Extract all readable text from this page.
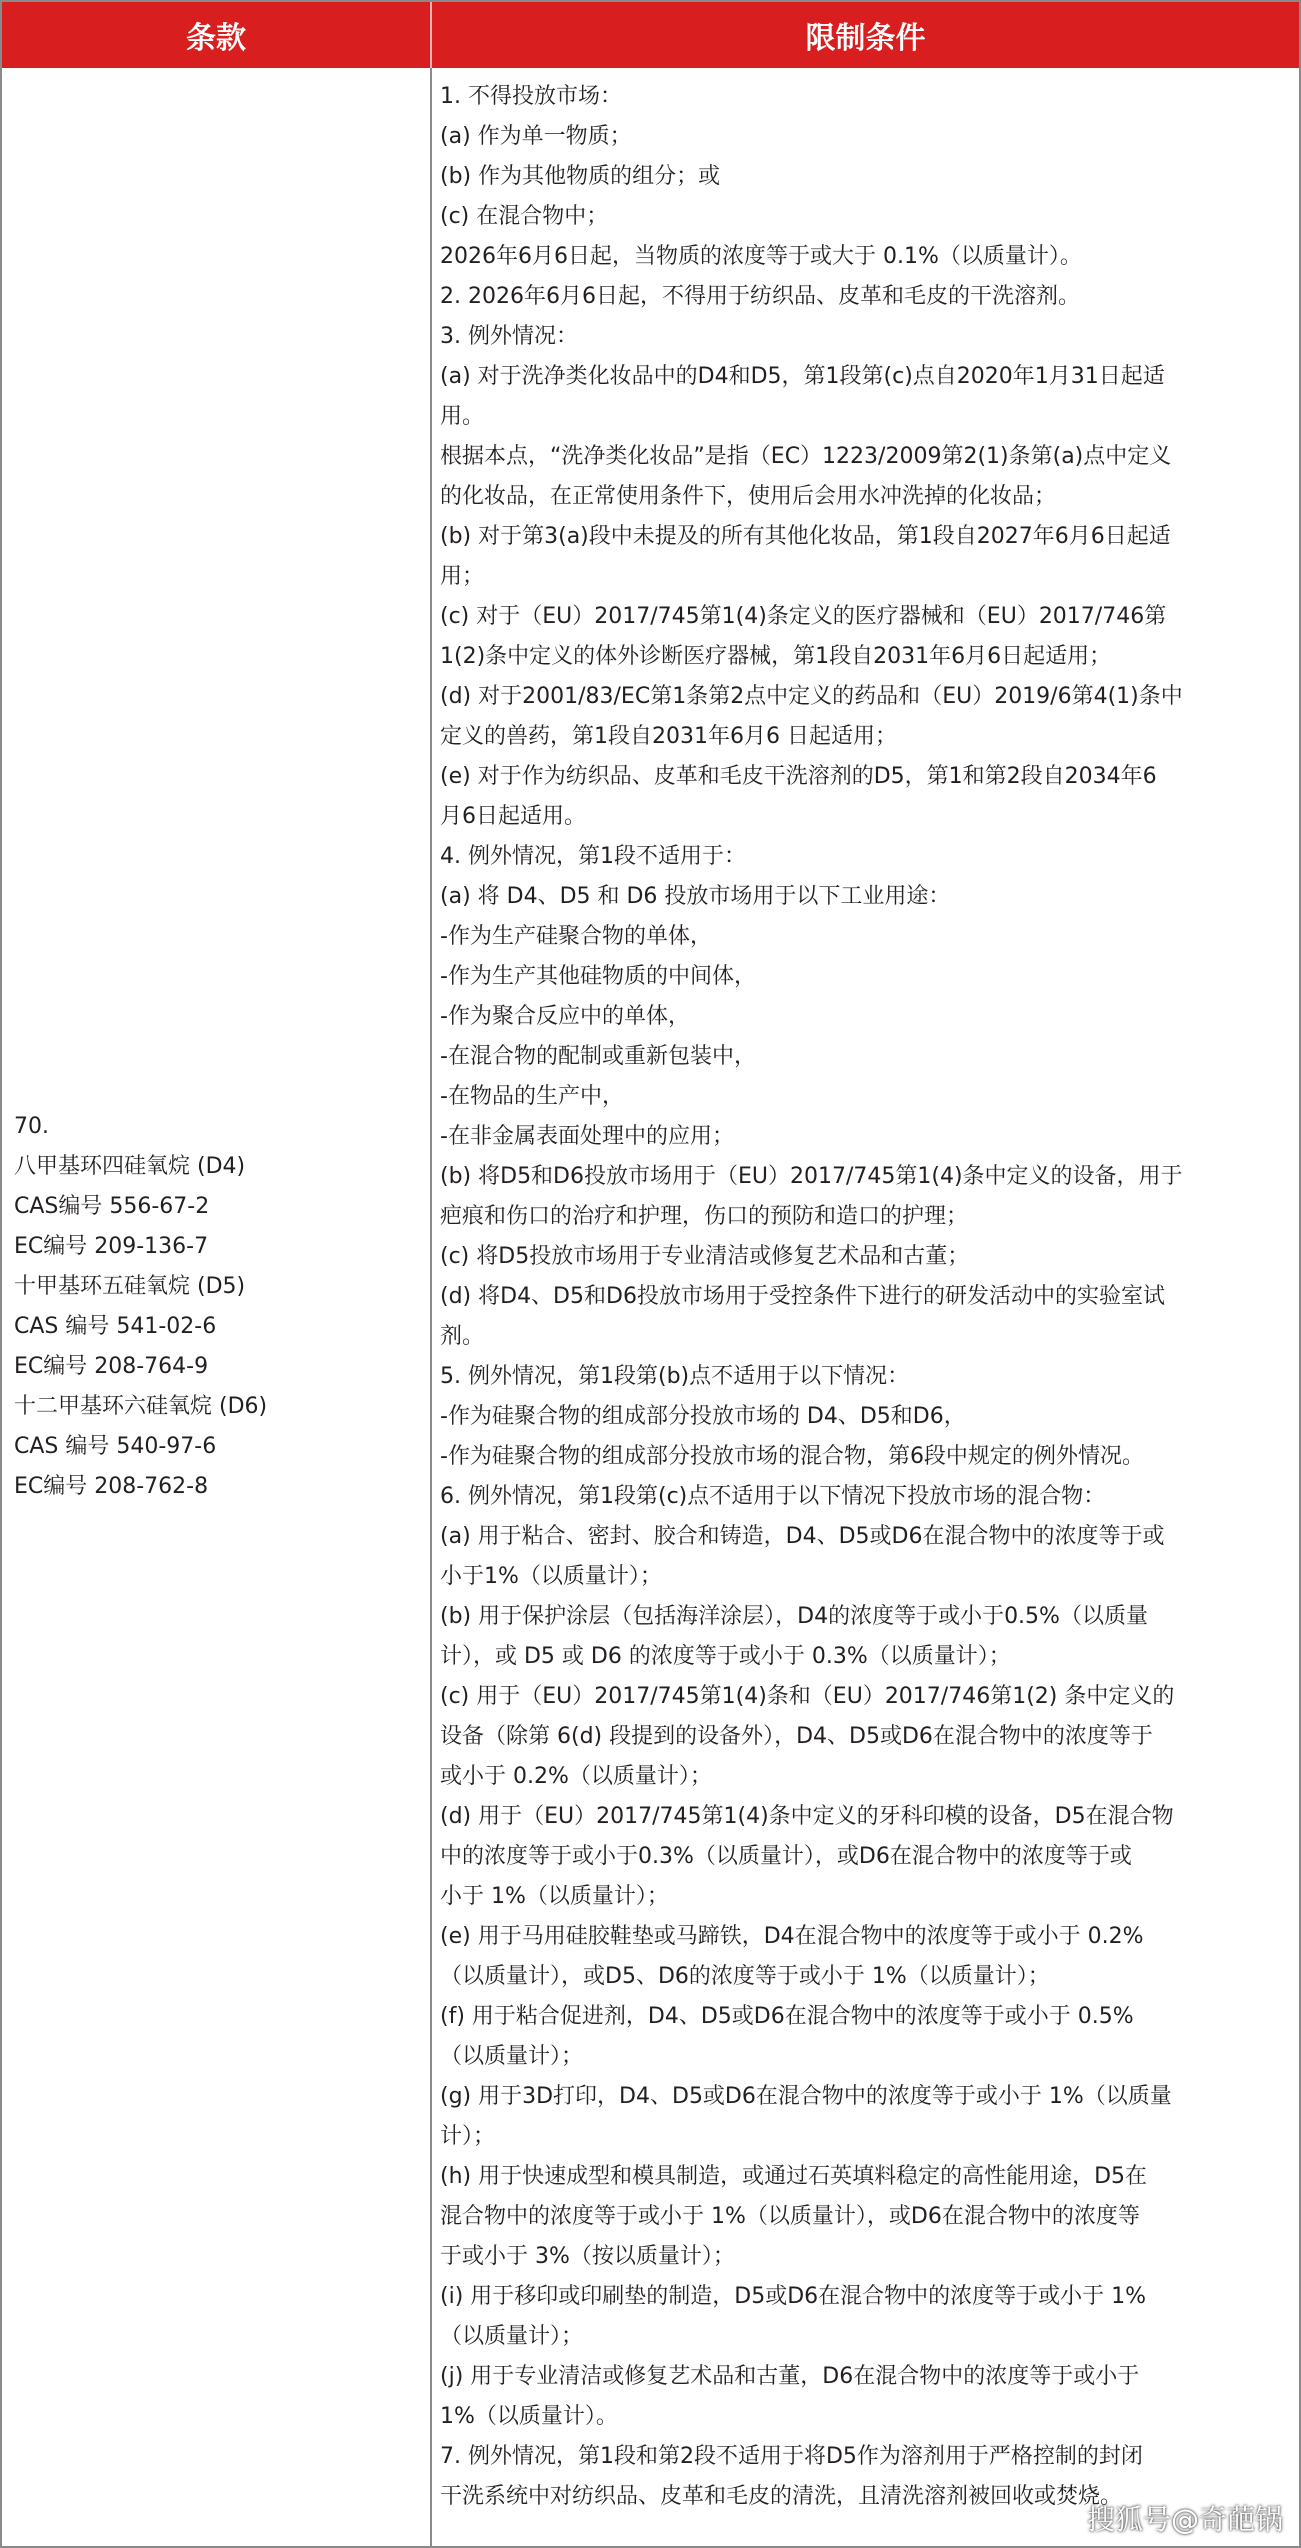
条款	限制条件
70.
八甲基环四硅氧烷 (D4)
CAS编号 556-67-2
EC编号 209-136-7
十甲基环五硅氧烷 (D5)
CAS 编号 541-02-6
EC编号 208-764-9
十二甲基环六硅氧烷 (D6)
CAS 编号 540-97-6
EC编号 208-762-8
1. 不得投放市场：
(a) 作为单一物质；
(b) 作为其他物质的组分；或
(c) 在混合物中；
2026年6月6日起，当物质的浓度等于或大于 0.1%（以质量计）。
2. 2026年6月6日起，不得用于纺织品、皮革和毛皮的干洗溶剂。
3. 例外情况：
(a) 对于洗净类化妆品中的D4和D5，第1段第(c)点自2020年1月31日起适
用。
根据本点，“洗净类化妆品”是指（EC）1223/2009第2(1)条第(a)点中定义
的化妆品，在正常使用条件下，使用后会用水冲洗掉的化妆品；
(b) 对于第3(a)段中未提及的所有其他化妆品，第1段自2027年6月6日起适
用；
(c) 对于（EU）2017/745第1(4)条定义的医疗器械和（EU）2017/746第
1(2)条中定义的体外诊断医疗器械，第1段自2031年6月6日起适用；
(d) 对于2001/83/EC第1条第2点中定义的药品和（EU）2019/6第4(1)条中
定义的兽药，第1段自2031年6月6 日起适用；
(e) 对于作为纺织品、皮革和毛皮干洗溶剂的D5，第1和第2段自2034年6
月6日起适用。
4. 例外情况，第1段不适用于：
(a) 将 D4、D5 和 D6 投放市场用于以下工业用途：
-作为生产硅聚合物的单体，
-作为生产其他硅物质的中间体，
-作为聚合反应中的单体，
-在混合物的配制或重新包装中，
-在物品的生产中，
-在非金属表面处理中的应用；
(b) 将D5和D6投放市场用于（EU）2017/745第1(4)条中定义的设备，用于
疤痕和伤口的治疗和护理，伤口的预防和造口的护理；
(c) 将D5投放市场用于专业清洁或修复艺术品和古董；
(d) 将D4、D5和D6投放市场用于受控条件下进行的研发活动中的实验室试
剂。
5. 例外情况，第1段第(b)点不适用于以下情况：
-作为硅聚合物的组成部分投放市场的 D4、D5和D6，
-作为硅聚合物的组成部分投放市场的混合物，第6段中规定的例外情况。
6. 例外情况，第1段第(c)点不适用于以下情况下投放市场的混合物：
(a) 用于粘合、密封、胶合和铸造，D4、D5或D6在混合物中的浓度等于或
小于1%（以质量计）；
(b) 用于保护涂层（包括海洋涂层），D4的浓度等于或小于0.5%（以质量
计），或 D5 或 D6 的浓度等于或小于 0.3%（以质量计）；
(c) 用于（EU）2017/745第1(4)条和（EU）2017/746第1(2) 条中定义的
设备（除第 6(d) 段提到的设备外），D4、D5或D6在混合物中的浓度等于
或小于 0.2%（以质量计）；
(d) 用于（EU）2017/745第1(4)条中定义的牙科印模的设备，D5在混合物
中的浓度等于或小于0.3%（以质量计），或D6在混合物中的浓度等于或
小于 1%（以质量计）；
(e) 用于马用硅胶鞋垫或马蹄铁，D4在混合物中的浓度等于或小于 0.2%
（以质量计），或D5、D6的浓度等于或小于 1%（以质量计）；
(f) 用于粘合促进剂，D4、D5或D6在混合物中的浓度等于或小于 0.5%
（以质量计）；
(g) 用于3D打印，D4、D5或D6在混合物中的浓度等于或小于 1%（以质量
计）；
(h) 用于快速成型和模具制造，或通过石英填料稳定的高性能用途，D5在
混合物中的浓度等于或小于 1%（以质量计），或D6在混合物中的浓度等
于或小于 3%（按以质量计）；
(i) 用于移印或印刷垫的制造，D5或D6在混合物中的浓度等于或小于 1%
（以质量计）；
(j) 用于专业清洁或修复艺术品和古董，D6在混合物中的浓度等于或小于
1%（以质量计）。
7. 例外情况，第1段和第2段不适用于将D5作为溶剂用于严格控制的封闭
干洗系统中对纺织品、皮革和毛皮的清洗，且清洗溶剂被回收或焚烧。
搜狐号@奇葩锅
